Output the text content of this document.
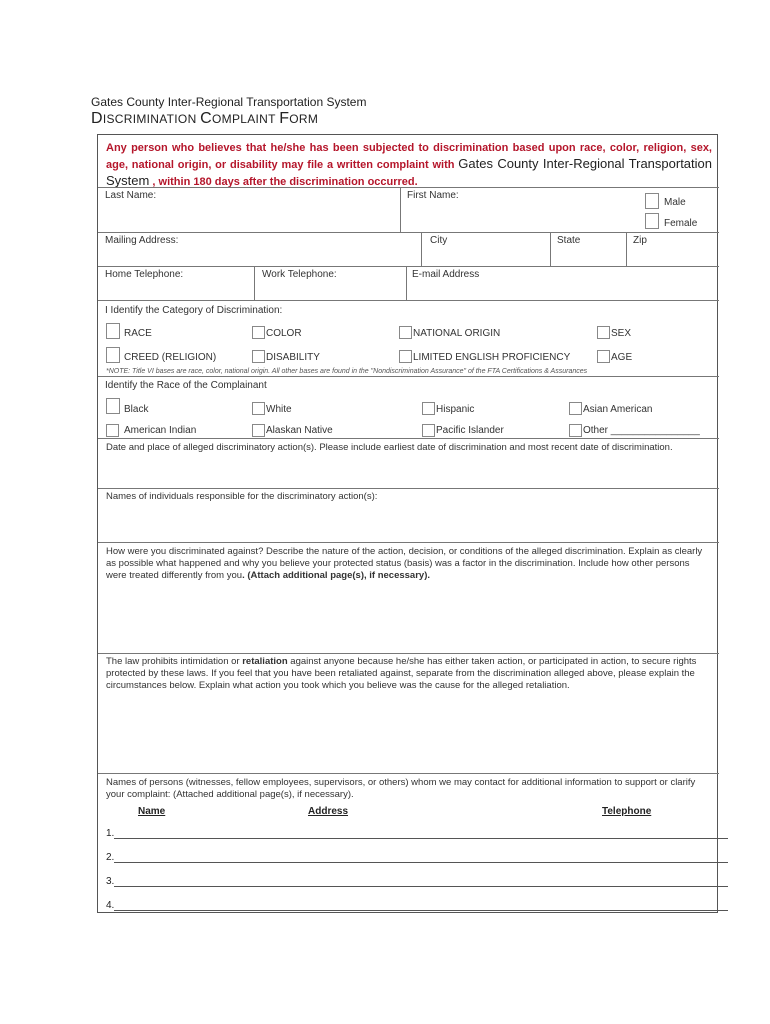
Gates County Inter-Regional Transportation System
DISCRIMINATION COMPLAINT FORM
Any person who believes that he/she has been subjected to discrimination based upon race, color, religion, sex, age, national origin, or disability may file a written complaint with Gates County Inter-Regional Transportation System , within 180 days after the discrimination occurred.
Last Name:	First Name:
Male
Female
Mailing Address:	City	State	Zip
Home Telephone:	Work Telephone:	E-mail Address
I Identify the Category of Discrimination:
RACE	COLOR	NATIONAL ORIGIN	SEX
CREED (RELIGION)	DISABILITY	LIMITED ENGLISH PROFICIENCY	AGE
*NOTE: Title VI bases are race, color, national origin. All other bases are found in the "Nondiscrimination Assurance" of the FTA Certifications & Assurances
Identify the Race of the Complainant
Black	White	Hispanic	Asian American
American Indian	Alaskan Native	Pacific Islander	Other ________________
Date and place of alleged discriminatory action(s). Please include earliest date of discrimination and most recent date of discrimination.
Names of individuals responsible for the discriminatory action(s):
How were you discriminated against? Describe the nature of the action, decision, or conditions of the alleged discrimination. Explain as clearly as possible what happened and why you believe your protected status (basis) was a factor in the discrimination. Include how other persons were treated differently from you. (Attach additional page(s), if necessary).
The law prohibits intimidation or retaliation against anyone because he/she has either taken action, or participated in action, to secure rights protected by these laws. If you feel that you have been retaliated against, separate from the discrimination alleged above, please explain the circumstances below. Explain what action you took which you believe was the cause for the alleged retaliation.
Names of persons (witnesses, fellow employees, supervisors, or others) whom we may contact for additional information to support or clarify your complaint: (Attached additional page(s), if necessary).
Name	Address	Telephone
1.
2.
3.
4.
